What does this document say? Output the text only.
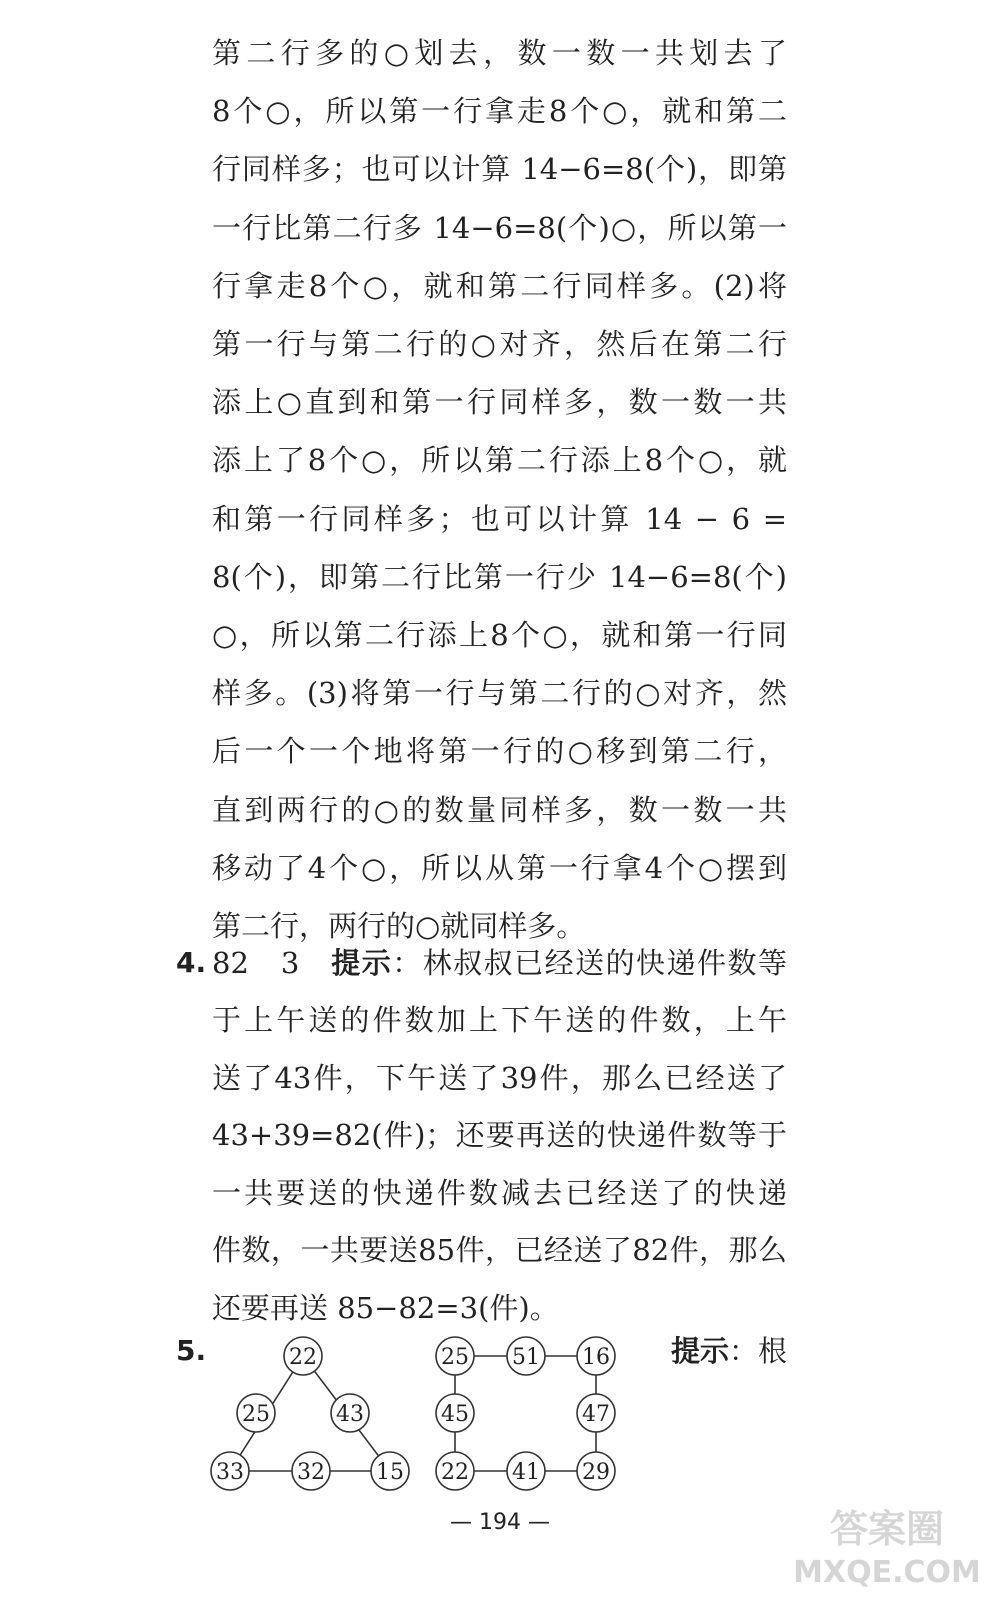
第二行多的○划去，数一数一共划去了
8个○，所以第一行拿走8个○，就和第二
行同样多；也可以计算 14−6=8(个)，即第
一行比第二行多 14−6=8(个)○，所以第一
行拿走8个○，就和第二行同样多。(2)将
第一行与第二行的○对齐，然后在第二行
添上○直到和第一行同样多，数一数一共
添上了8个○，所以第二行添上8个○，就
和第一行同样多；也可以计算 14 − 6 =
8(个)，即第二行比第一行少 14−6=8(个)
○，所以第二行添上8个○，就和第一行同
样多。(3)将第一行与第二行的○对齐，然
后一个一个地将第一行的○移到第二行，
直到两行的○的数量同样多，数一数一共
移动了4个○，所以从第一行拿4个○摆到
第二行，两行的○就同样多。
4. 82　3　提示：林叔叔已经送的快递件数等
于上午送的件数加上下午送的件数，上午
送了43件，下午送了39件，那么已经送了
43+39=82(件)；还要再送的快递件数等于
一共要送的快递件数减去已经送了的快递
件数，一共要送85件，已经送了82件，那么
还要再送 85−82=3(件)。
5.	提示：根
22
25	43
33 32 15
25 51 16
45	47
22 41 29
— 194 —	答案圈
MXQE.COM
